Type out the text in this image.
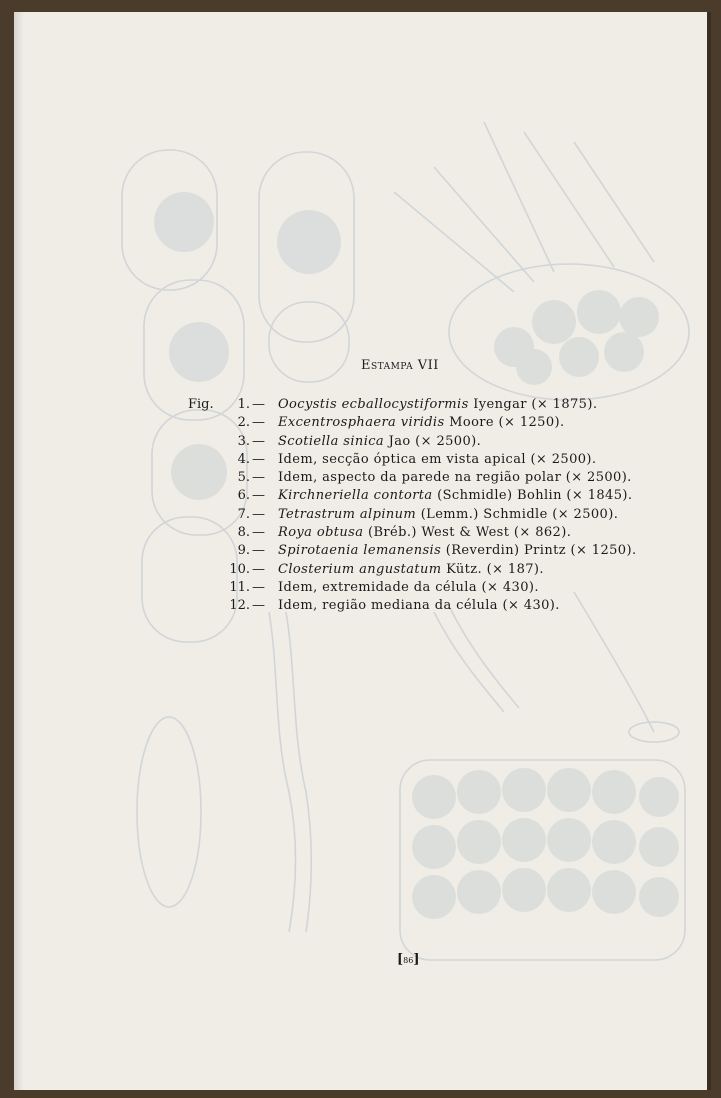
Estampa VII
Fig.	1. — Oocystis ecballocystiformis Iyengar (× 1875).
2. — Excentrosphaera viridis Moore (× 1250).
3. — Scotiella sinica Jao (× 2500).
4. — Idem, secção óptica em vista apical (× 2500).
5. — Idem, aspecto da parede na região polar (× 2500).
6. — Kirchneriella contorta (Schmidle) Bohlin (× 1845).
7. — Tetrastrum alpinum (Lemm.) Schmidle (× 2500).
8. — Roya obtusa (Bréb.) West & West (× 862).
9. — Spirotaenia lemanensis (Reverdin) Printz (× 1250).
10. — Closterium angustatum Kütz. (× 187).
11. — Idem, extremidade da célula (× 430).
12. — Idem, região mediana da célula (× 430).
[86]
